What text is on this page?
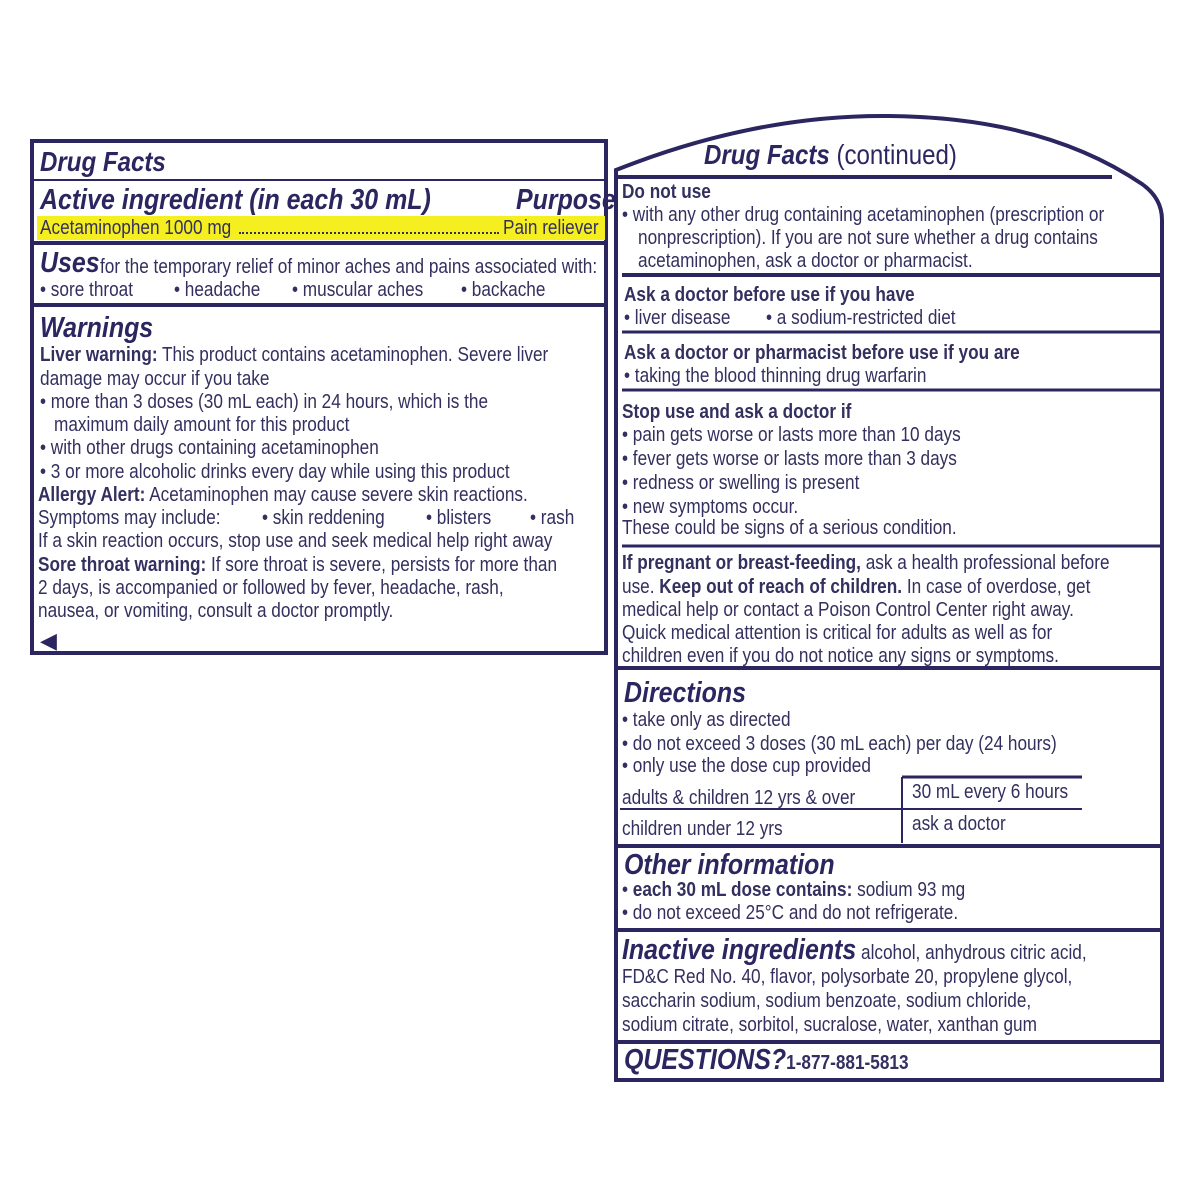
Drug Facts
Active ingredient (in each 30 mL)	Purpose
Acetaminophen 1000 mg	Pain reliever
Uses for the temporary relief of minor aches and pains associated with:
• sore throat • headache • muscular aches • backache
Warnings
Liver warning: This product contains acetaminophen. Severe liver
damage may occur if you take
• more than 3 doses (30 mL each) in 24 hours, which is the
maximum daily amount for this product
• with other drugs containing acetaminophen
• 3 or more alcoholic drinks every day while using this product
Allergy Alert: Acetaminophen may cause severe skin reactions.
Symptoms may include: • skin reddening • blisters • rash
If a skin reaction occurs, stop use and seek medical help right away
Sore throat warning: If sore throat is severe, persists for more than
2 days, is accompanied or followed by fever, headache, rash,
nausea, or vomiting, consult a doctor promptly.
◀
Drug Facts (continued)
Do not use
• with any other drug containing acetaminophen (prescription or
nonprescription). If you are not sure whether a drug contains
acetaminophen, ask a doctor or pharmacist.
Ask a doctor before use if you have
• liver disease • a sodium-restricted diet
Ask a doctor or pharmacist before use if you are
• taking the blood thinning drug warfarin
Stop use and ask a doctor if
• pain gets worse or lasts more than 10 days
• fever gets worse or lasts more than 3 days
• redness or swelling is present
• new symptoms occur.
These could be signs of a serious condition.
If pregnant or breast-feeding, ask a health professional before
use. Keep out of reach of children. In case of overdose, get
medical help or contact a Poison Control Center right away.
Quick medical attention is critical for adults as well as for
children even if you do not notice any signs or symptoms.
Directions
• take only as directed
• do not exceed 3 doses (30 mL each) per day (24 hours)
• only use the dose cup provided
adults & children 12 yrs & over	30 mL every 6 hours
children under 12 yrs	ask a doctor
Other information
• each 30 mL dose contains: sodium 93 mg
• do not exceed 25°C and do not refrigerate.
Inactive ingredients alcohol, anhydrous citric acid,
FD&C Red No. 40, flavor, polysorbate 20, propylene glycol,
saccharin sodium, sodium benzoate, sodium chloride,
sodium citrate, sorbitol, sucralose, water, xanthan gum
QUESTIONS?1-877-881-5813
